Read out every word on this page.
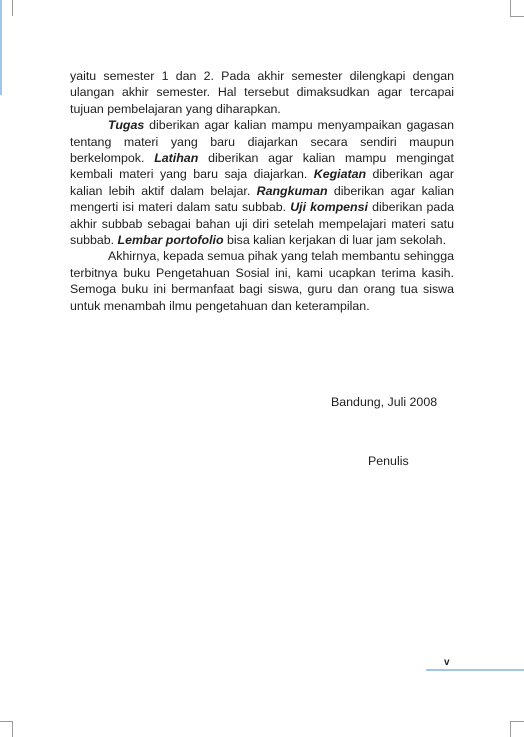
yaitu semester 1 dan 2. Pada akhir semester dilengkapi dengan ulangan akhir semester. Hal tersebut dimaksudkan agar tercapai tujuan pembelajaran yang diharapkan.

Tugas diberikan agar kalian mampu menyampaikan gagasan tentang materi yang baru diajarkan secara sendiri maupun berkelompok. Latihan diberikan agar kalian mampu mengingat kembali materi yang baru saja diajarkan. Kegiatan diberikan agar kalian lebih aktif dalam belajar. Rangkuman diberikan agar kalian mengerti isi materi dalam satu subbab. Uji kompensi diberikan pada akhir subbab sebagai bahan uji diri setelah mempelajari materi satu subbab. Lembar portofolio bisa kalian kerjakan di luar jam sekolah.

Akhirnya, kepada semua pihak yang telah membantu sehingga terbitnya buku Pengetahuan Sosial ini, kami ucapkan terima kasih. Semoga buku ini bermanfaat bagi siswa, guru dan orang tua siswa untuk menambah ilmu pengetahuan dan keterampilan.

Bandung, Juli 2008
Penulis
v
